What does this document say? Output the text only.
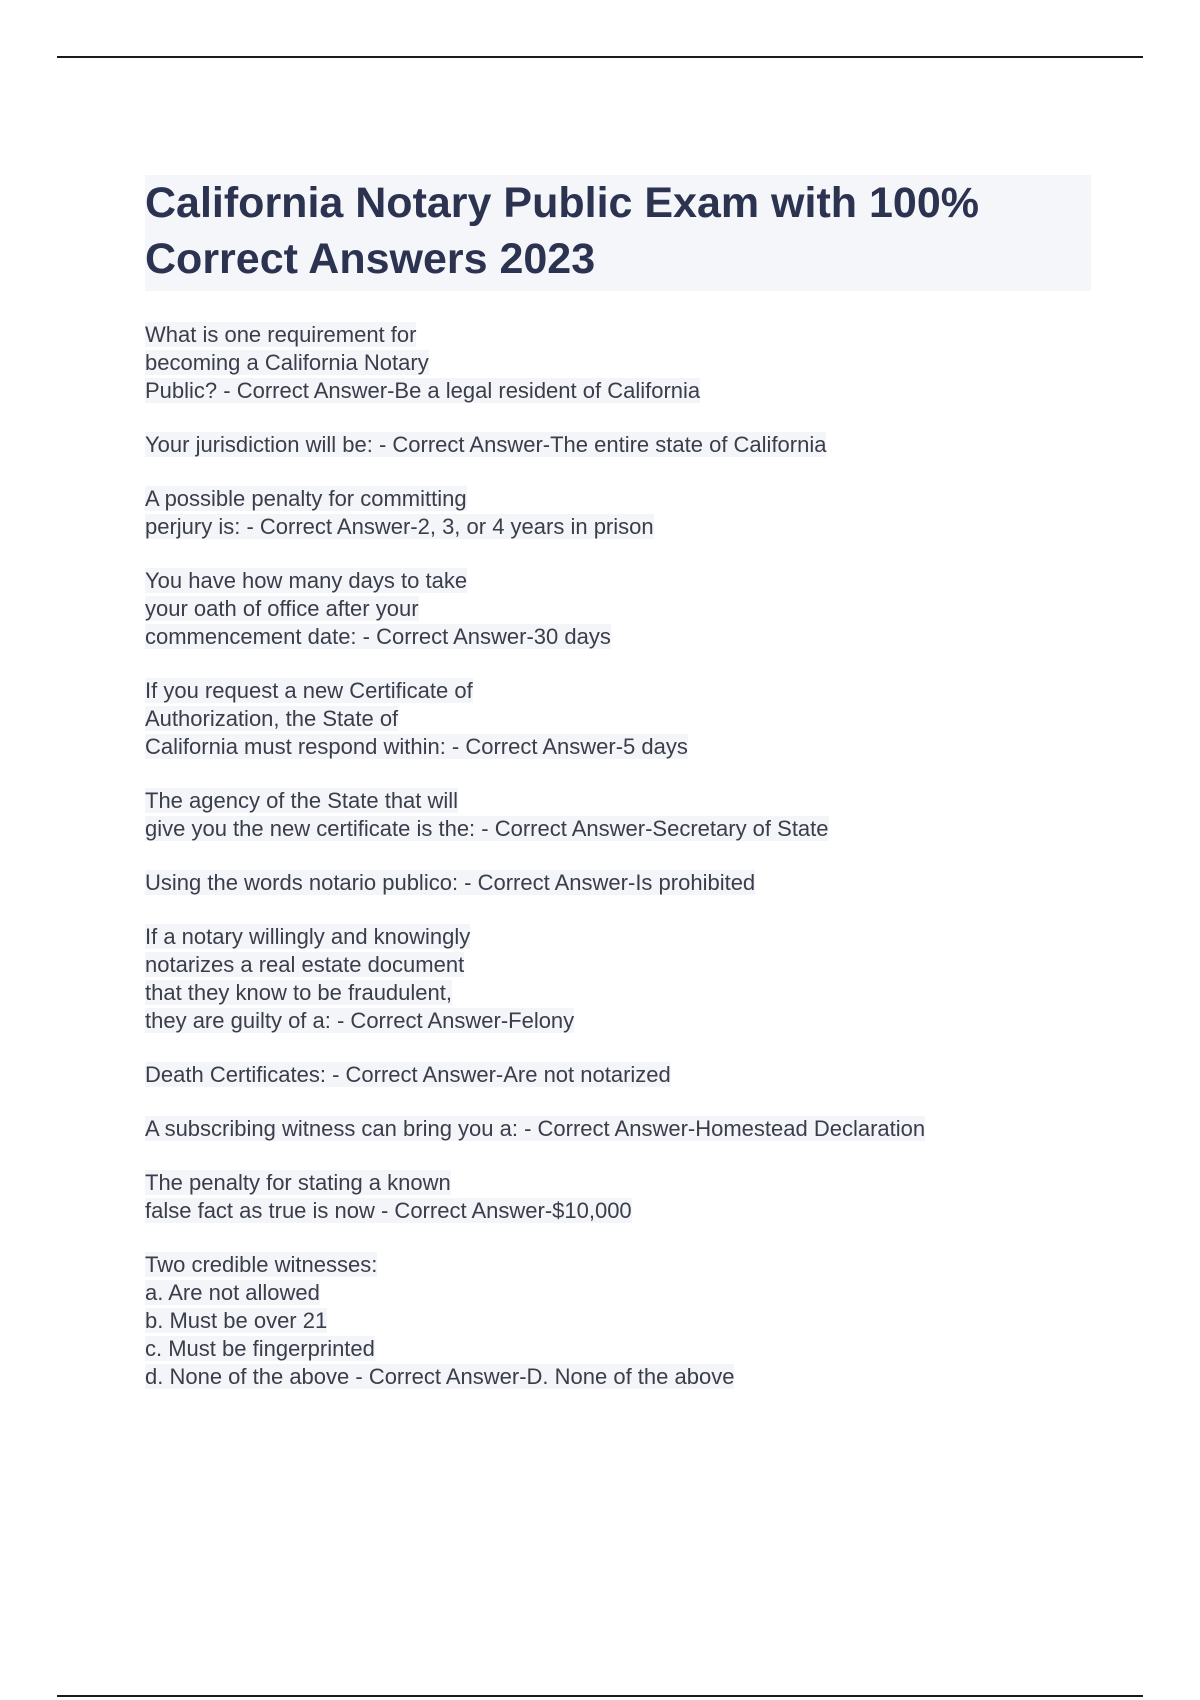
California Notary Public Exam with 100%
Correct Answers 2023
What is one requirement for
becoming a California Notary
Public? - Correct Answer-Be a legal resident of California
Your jurisdiction will be: - Correct Answer-The entire state of California
A possible penalty for committing
perjury is: - Correct Answer-2, 3, or 4 years in prison
You have how many days to take
your oath of office after your
commencement date: - Correct Answer-30 days
If you request a new Certificate of
Authorization, the State of
California must respond within: - Correct Answer-5 days
The agency of the State that will
give you the new certificate is the: - Correct Answer-Secretary of State
Using the words notario publico: - Correct Answer-Is prohibited
If a notary willingly and knowingly
notarizes a real estate document
that they know to be fraudulent,
they are guilty of a: - Correct Answer-Felony
Death Certificates: - Correct Answer-Are not notarized
A subscribing witness can bring you a: - Correct Answer-Homestead Declaration
The penalty for stating a known
false fact as true is now - Correct Answer-$10,000
Two credible witnesses:
a. Are not allowed
b. Must be over 21
c. Must be fingerprinted
d. None of the above - Correct Answer-D. None of the above
